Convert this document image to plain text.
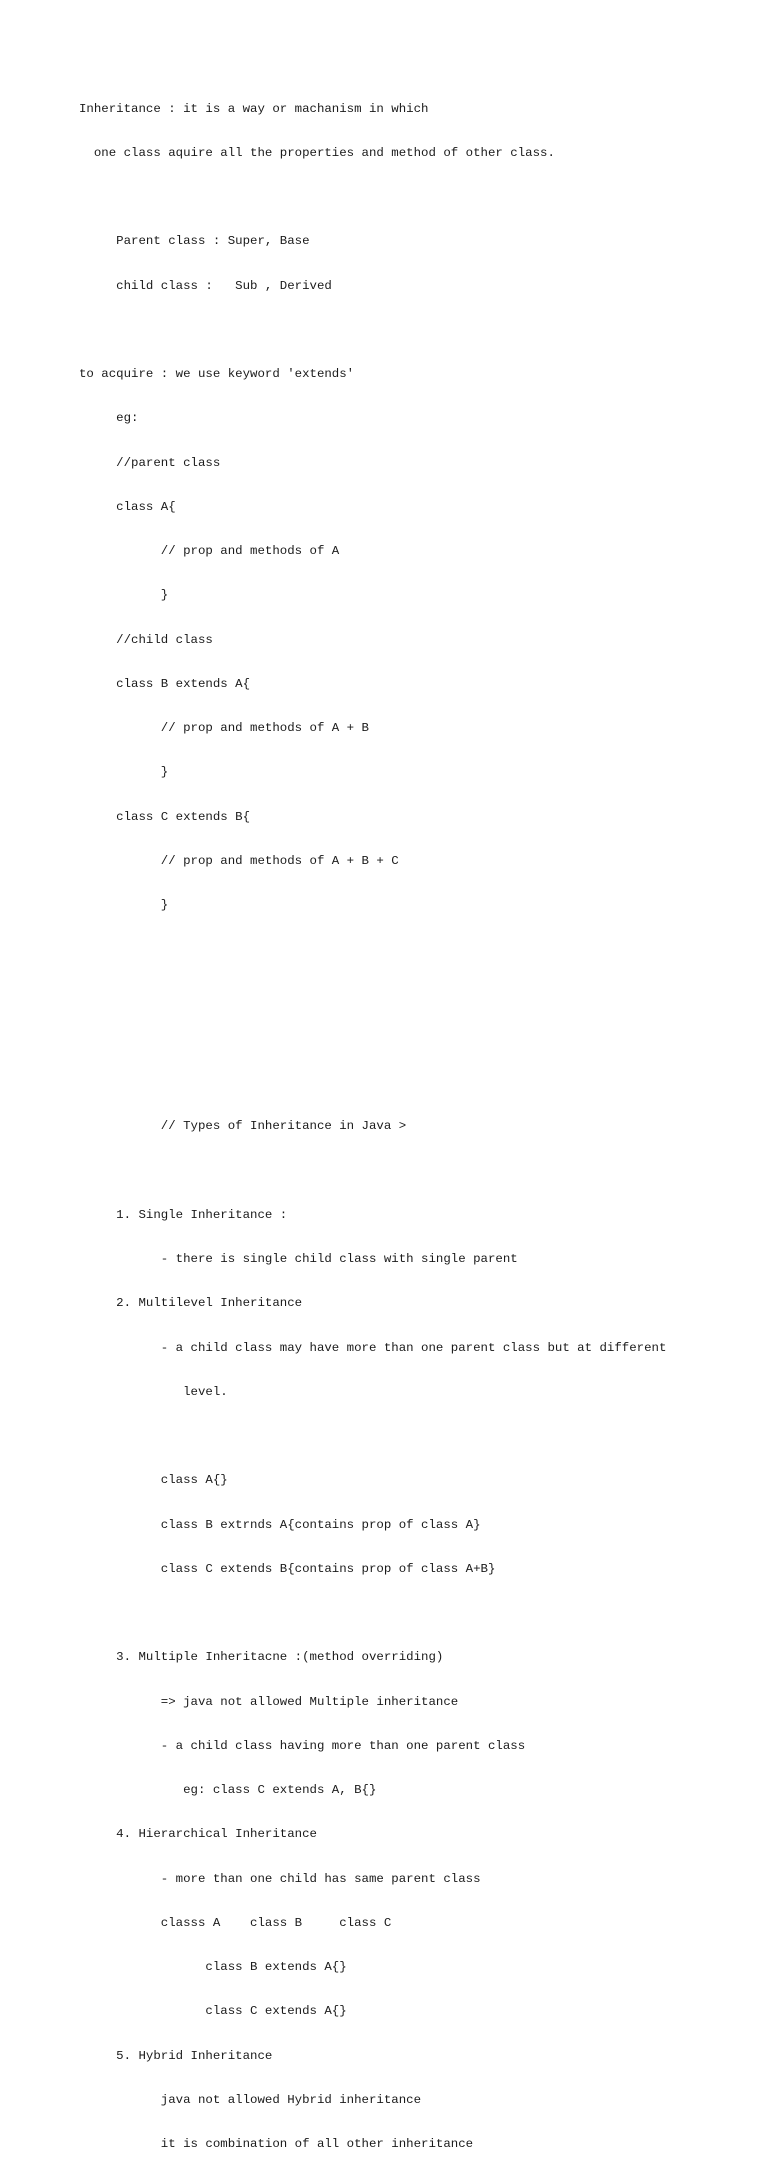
Inheritance : it is a way or machanism in which

one class aquire all the properties and method of other class.

Parent class : Super, Base

child class :   Sub , Derived

to acquire : we use keyword 'extends'

eg:

//parent class

class A{

// prop and methods of A

}

//child class

class B extends A{

// prop and methods of A + B

}

class C extends B{

// prop and methods of A + B + C

}

// Types of Inheritance in Java >

1. Single Inheritance :

- there is single child class with single parent

2. Multilevel Inheritance

- a child class may have more than one parent class but at different

level.

class A{}

class B extrnds A{contains prop of class A}

class C extends B{contains prop of class A+B}

3. Multiple Inheritacne :(method overriding)

=> java not allowed Multiple inheritance

- a child class having more than one parent class

eg: class C extends A, B{}

4. Hierarchical Inheritance

- more than one child has same parent class

classs A    class B     class C

class B extends A{}

class C extends A{}

5. Hybrid Inheritance

java not allowed Hybrid inheritance

it is combination of all other inheritance
